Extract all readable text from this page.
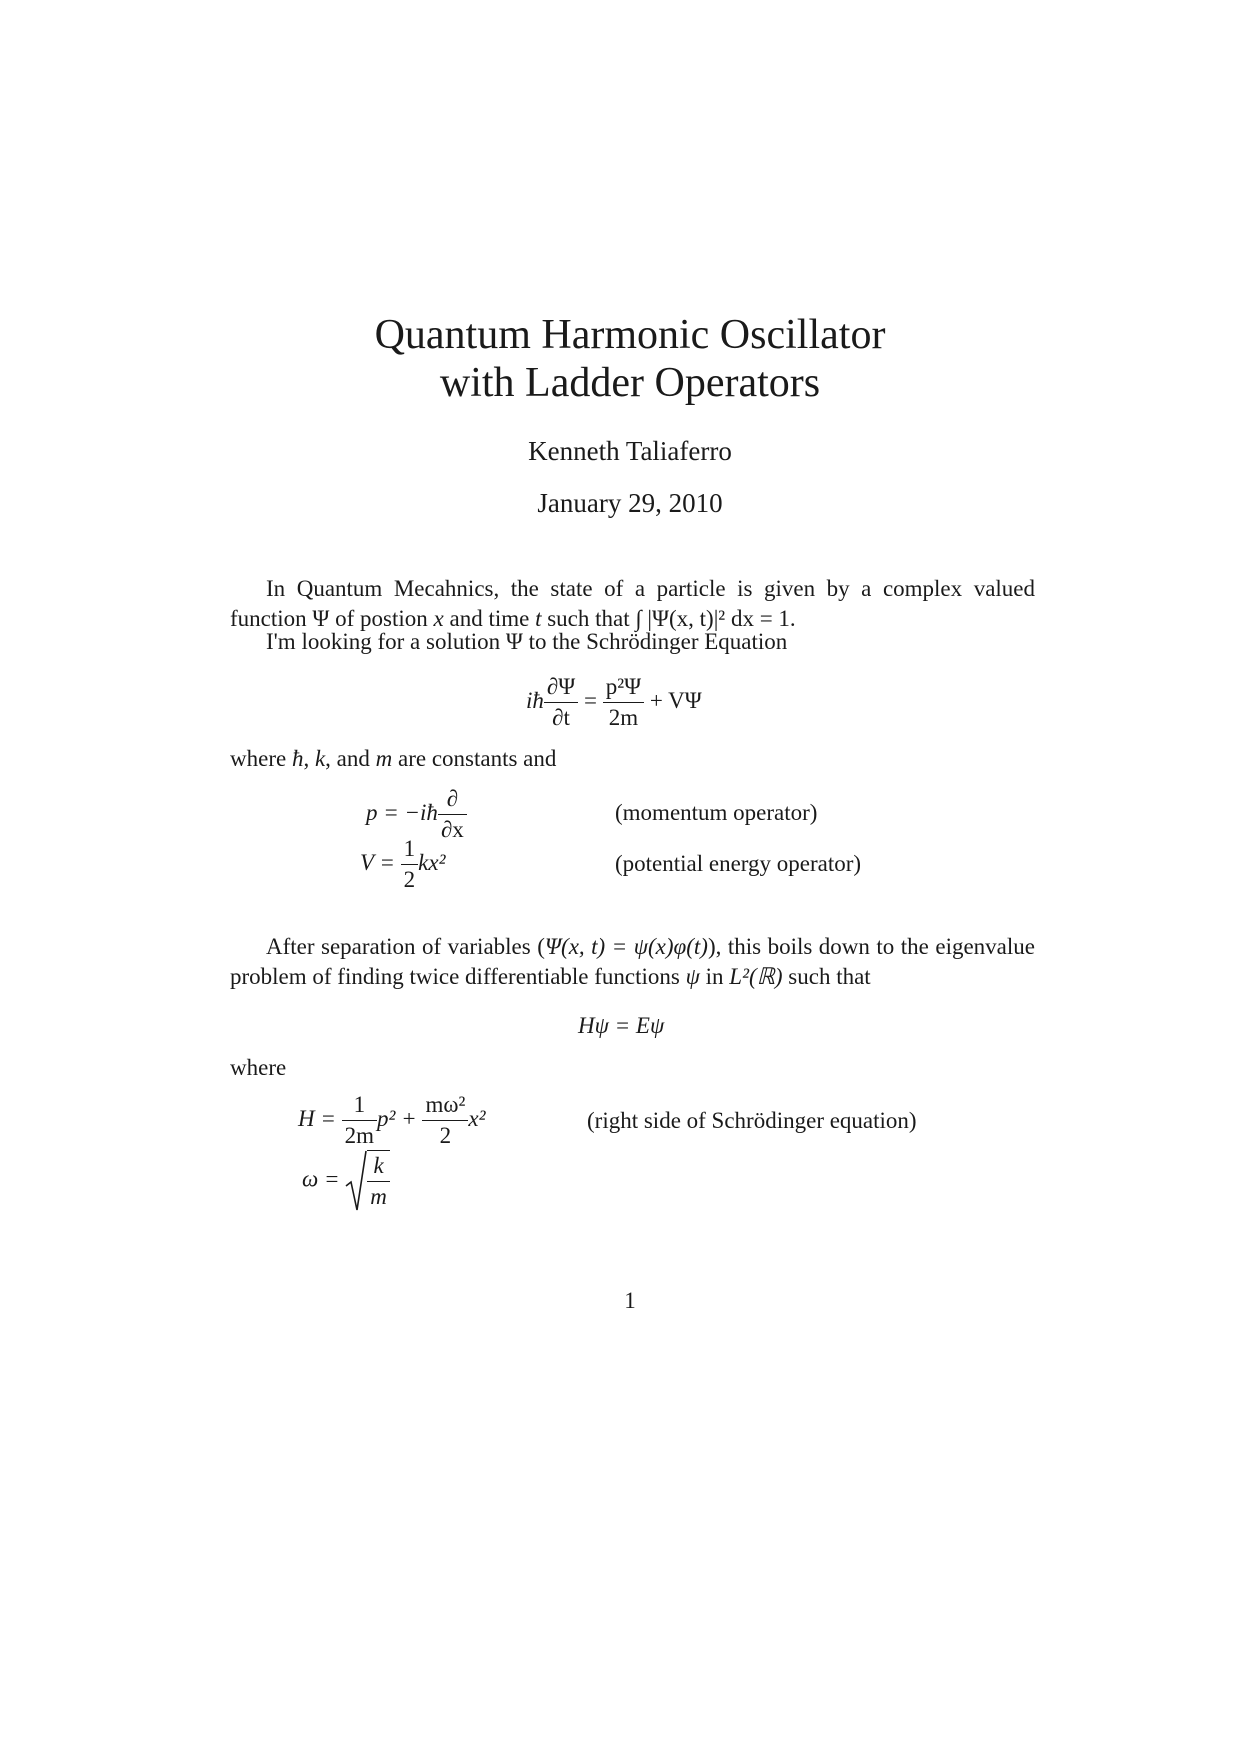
Quantum Harmonic Oscillator
with Ladder Operators
Kenneth Taliaferro
January 29, 2010
In Quantum Mecahnics, the state of a particle is given by a complex valued function Ψ of postion x and time t such that ∫ |Ψ(x, t)|² dx = 1.
I'm looking for a solution Ψ to the Schrödinger Equation
iħ $\frac{\partial\Psi}{\partial t} = \frac{\text{p²Ψ}}{2m} + V\Psi$
where ħ, k, and m are constants and
p = −iħ $\frac{\partial}{\partial x}$	(momentum operator)
$V = \frac{1}{2} kx^2$	(potential energy operator)
After separation of variables (Ψ(x, t) = ψ(x)φ(t)), this boils down to the eigenvalue problem of finding twice differentiable functions ψ in L²(ℝ) such that
Hψ = Eψ
where
$H = \frac{1}{2m} p^2 + \frac{\text{mω²}}{2} x^2$	(right side of Schrödinger equation)
$\omega = \frac{k}{m}$
1
